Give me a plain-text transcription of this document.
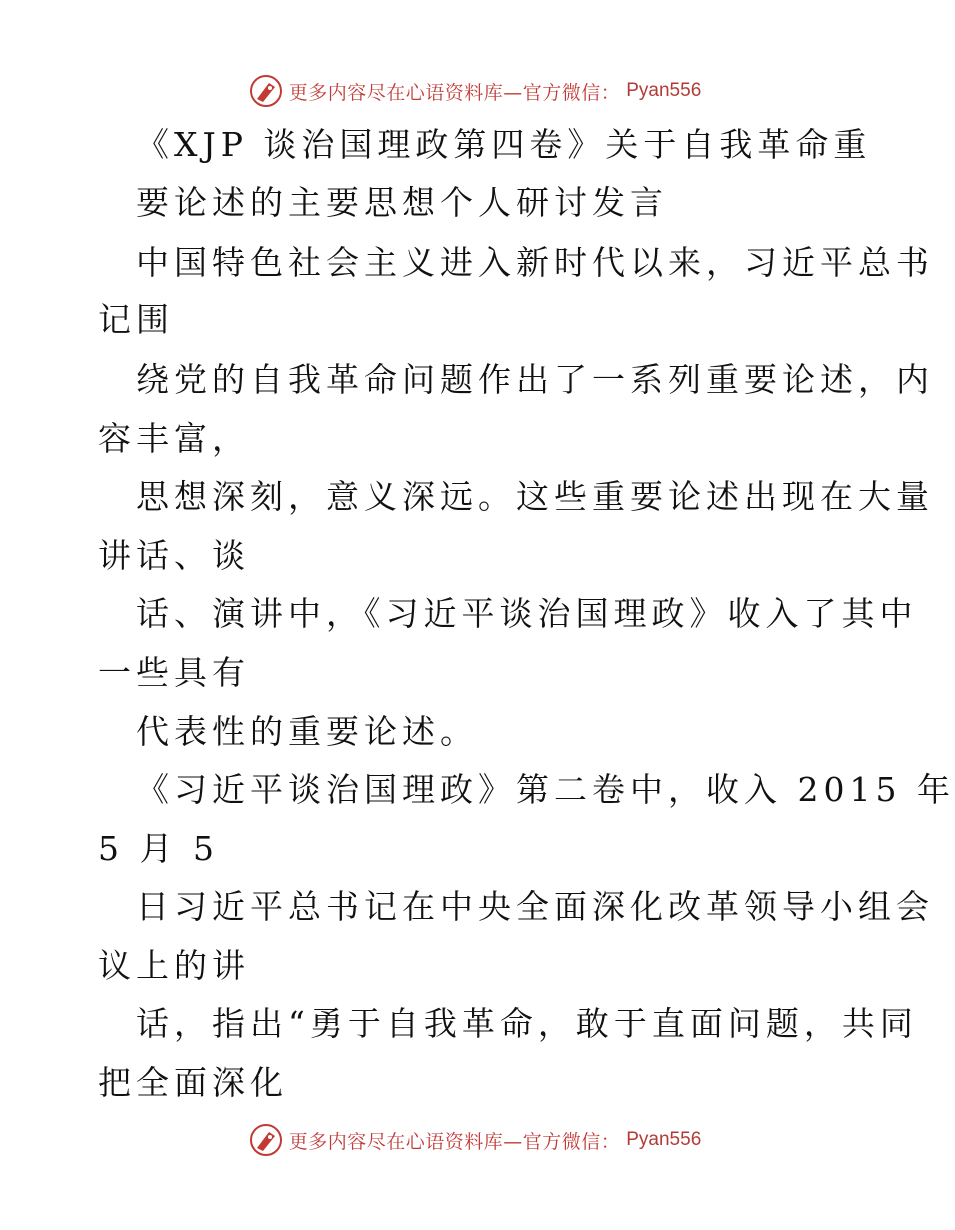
更多内容尽在心语资料库—官方微信： Pyan556
《XJP 谈治国理政第四卷》关于自我革命重
要论述的主要思想个人研讨发言
中国特色社会主义进入新时代以来，习近平总书
记围
绕党的自我革命问题作出了一系列重要论述，内
容丰富，
思想深刻，意义深远。这些重要论述出现在大量
讲话、谈
话、演讲中，《习近平谈治国理政》收入了其中
一些具有
代表性的重要论述。
《习近平谈治国理政》第二卷中，收入 2015 年
5 月 5
日习近平总书记在中央全面深化改革领导小组会
议上的讲
话，指出“勇于自我革命，敢于直面问题，共同
把全面深化
更多内容尽在心语资料库—官方微信： Pyan556
